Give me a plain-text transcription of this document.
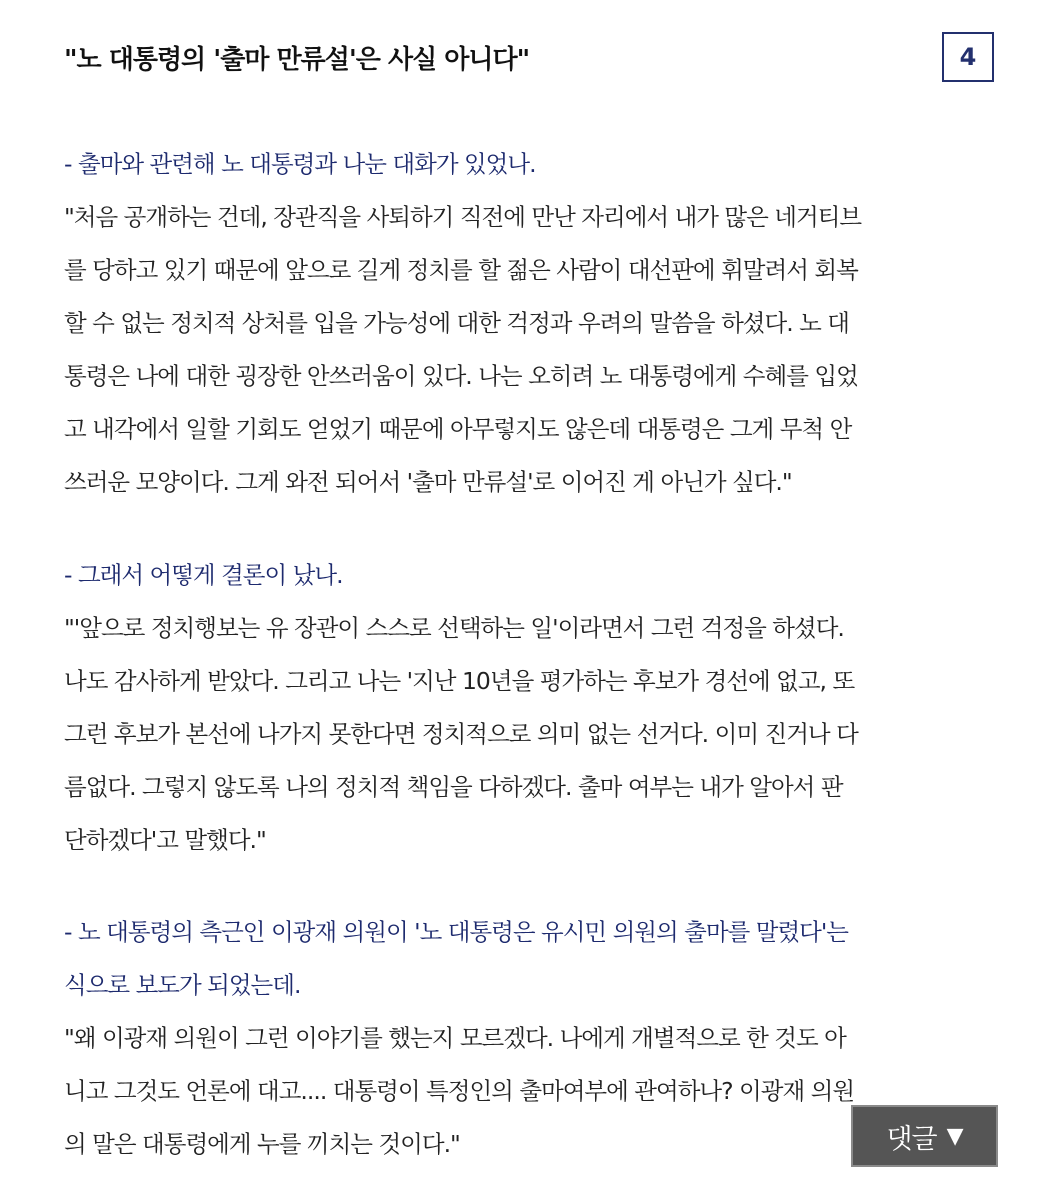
"노 대통령의 '출마 만류설'은 사실 아니다"	4
- 출마와 관련해 노 대통령과 나눈 대화가 있었나.
"처음 공개하는 건데, 장관직을 사퇴하기 직전에 만난 자리에서 내가 많은 네거티브
를 당하고 있기 때문에 앞으로 길게 정치를 할 젊은 사람이 대선판에 휘말려서 회복
할 수 없는 정치적 상처를 입을 가능성에 대한 걱정과 우려의 말씀을 하셨다. 노 대
통령은 나에 대한 굉장한 안쓰러움이 있다. 나는 오히려 노 대통령에게 수혜를 입었
고 내각에서 일할 기회도 얻었기 때문에 아무렇지도 않은데 대통령은 그게 무척 안
쓰러운 모양이다. 그게 와전 되어서 '출마 만류설'로 이어진 게 아닌가 싶다."
- 그래서 어떻게 결론이 났나.
"'앞으로 정치행보는 유 장관이 스스로 선택하는 일'이라면서 그런 걱정을 하셨다.
나도 감사하게 받았다. 그리고 나는 '지난 10년을 평가하는 후보가 경선에 없고, 또
그런 후보가 본선에 나가지 못한다면 정치적으로 의미 없는 선거다. 이미 진거나 다
름없다. 그렇지 않도록 나의 정치적 책임을 다하겠다. 출마 여부는 내가 알아서 판
단하겠다'고 말했다."
- 노 대통령의 측근인 이광재 의원이 '노 대통령은 유시민 의원의 출마를 말렸다'는
식으로 보도가 되었는데.
"왜 이광재 의원이 그런 이야기를 했는지 모르겠다. 나에게 개별적으로 한 것도 아
니고 그것도 언론에 대고.... 대통령이 특정인의 출마여부에 관여하나? 이광재 의원
의 말은 대통령에게 누를 끼치는 것이다."	댓글 ▼
